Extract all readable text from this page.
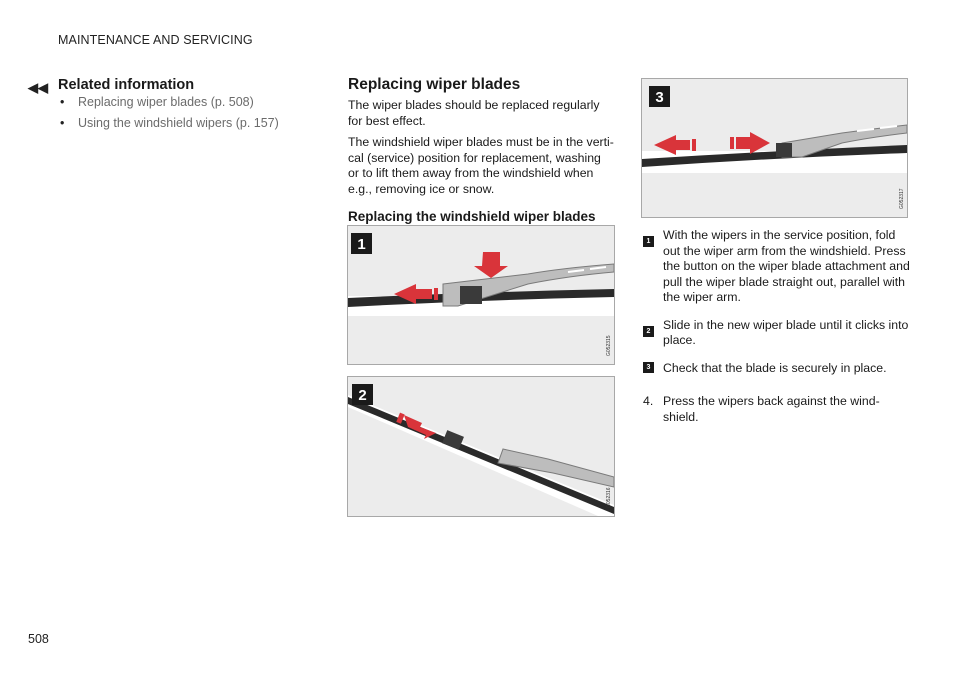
MAINTENANCE AND SERVICING
◀◀ Related information
• Replacing wiper blades (p. 508)
• Using the windshield wipers (p. 157)
Replacing wiper blades
The wiper blades should be replaced regularly for best effect.
The windshield wiper blades must be in the verti-cal (service) position for replacement, washing or to lift them away from the windshield when e.g., removing ice or snow.
Replacing the windshield wiper blades
1
G052315
2
G052316
3
G052317
1 With the wipers in the service position, fold out the wiper arm from the windshield. Press the button on the wiper blade attachment and pull the wiper blade straight out, parallel with the wiper arm.
2 Slide in the new wiper blade until it clicks into place.
3 Check that the blade is securely in place.
4. Press the wipers back against the wind-shield.
508
